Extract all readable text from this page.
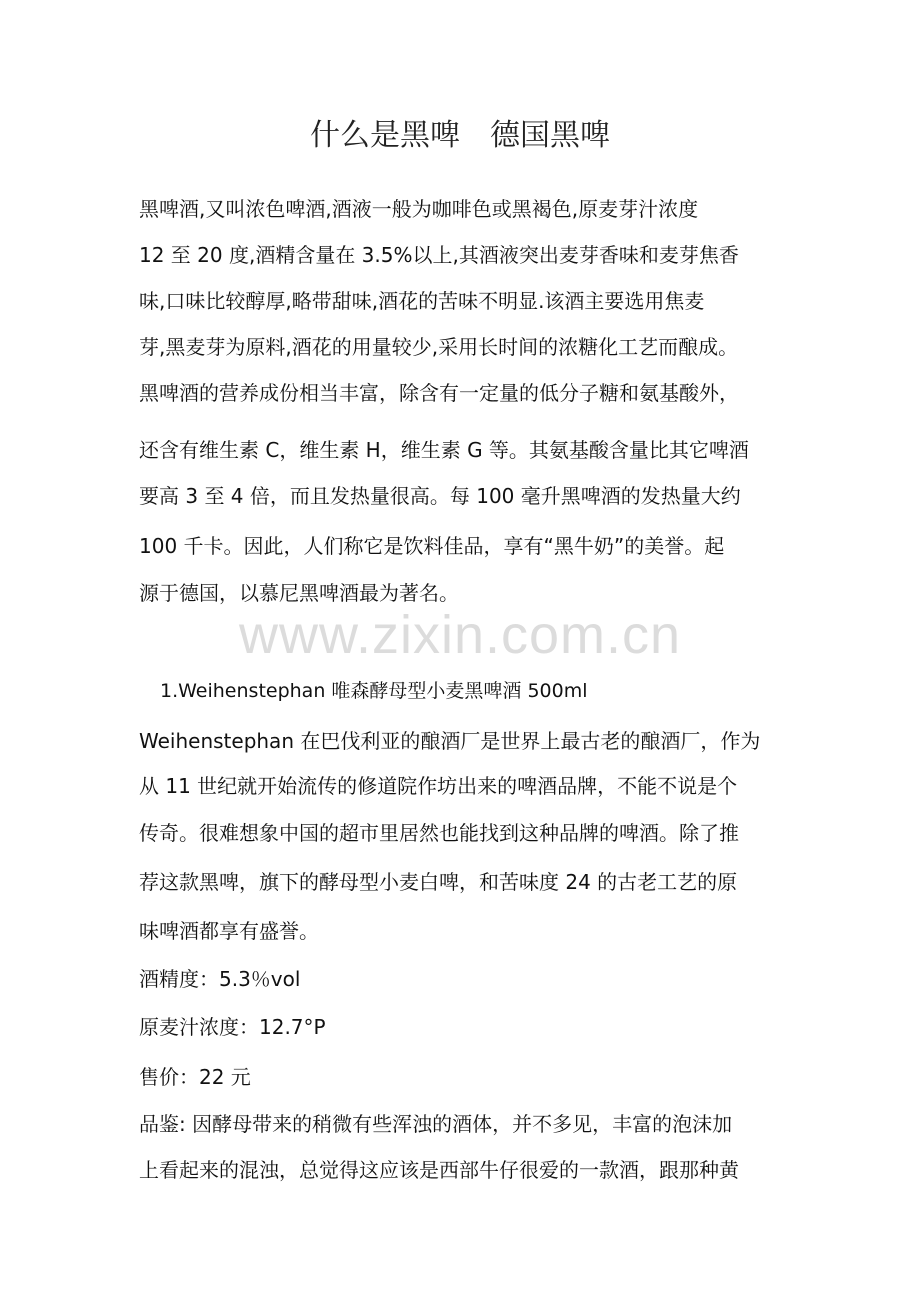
什么是黑啤　德国黑啤
黑啤酒,又叫浓色啤酒,酒液一般为咖啡色或黑褐色,原麦芽汁浓度
12 至 20 度,酒精含量在 3.5%以上,其酒液突出麦芽香味和麦芽焦香
味,口味比较醇厚,略带甜味,酒花的苦味不明显.该酒主要选用焦麦
芽,黑麦芽为原料,酒花的用量较少,采用长时间的浓糖化工艺而酿成。
黑啤酒的营养成份相当丰富，除含有一定量的低分子糖和氨基酸外，
还含有维生素 C，维生素 H，维生素 G 等。其氨基酸含量比其它啤酒
要高 3 至 4 倍，而且发热量很高。每 100 毫升黑啤酒的发热量大约
100 千卡。因此，人们称它是饮料佳品，享有“黑牛奶”的美誉。起
源于德国，以慕尼黑啤酒最为著名。
www.zixin.com.cn
1.Weihenstephan 唯森酵母型小麦黑啤酒 500ml
Weihenstephan 在巴伐利亚的酿酒厂是世界上最古老的酿酒厂，作为
从 11 世纪就开始流传的修道院作坊出来的啤酒品牌，不能不说是个
传奇。很难想象中国的超市里居然也能找到这种品牌的啤酒。除了推
荐这款黑啤，旗下的酵母型小麦白啤，和苦味度 24 的古老工艺的原
味啤酒都享有盛誉。
酒精度：5.3％vol
原麦汁浓度：12.7°P
售价：22 元
品鉴: 因酵母带来的稍微有些浑浊的酒体，并不多见，丰富的泡沫加
上看起来的混浊，总觉得这应该是西部牛仔很爱的一款酒，跟那种黄
